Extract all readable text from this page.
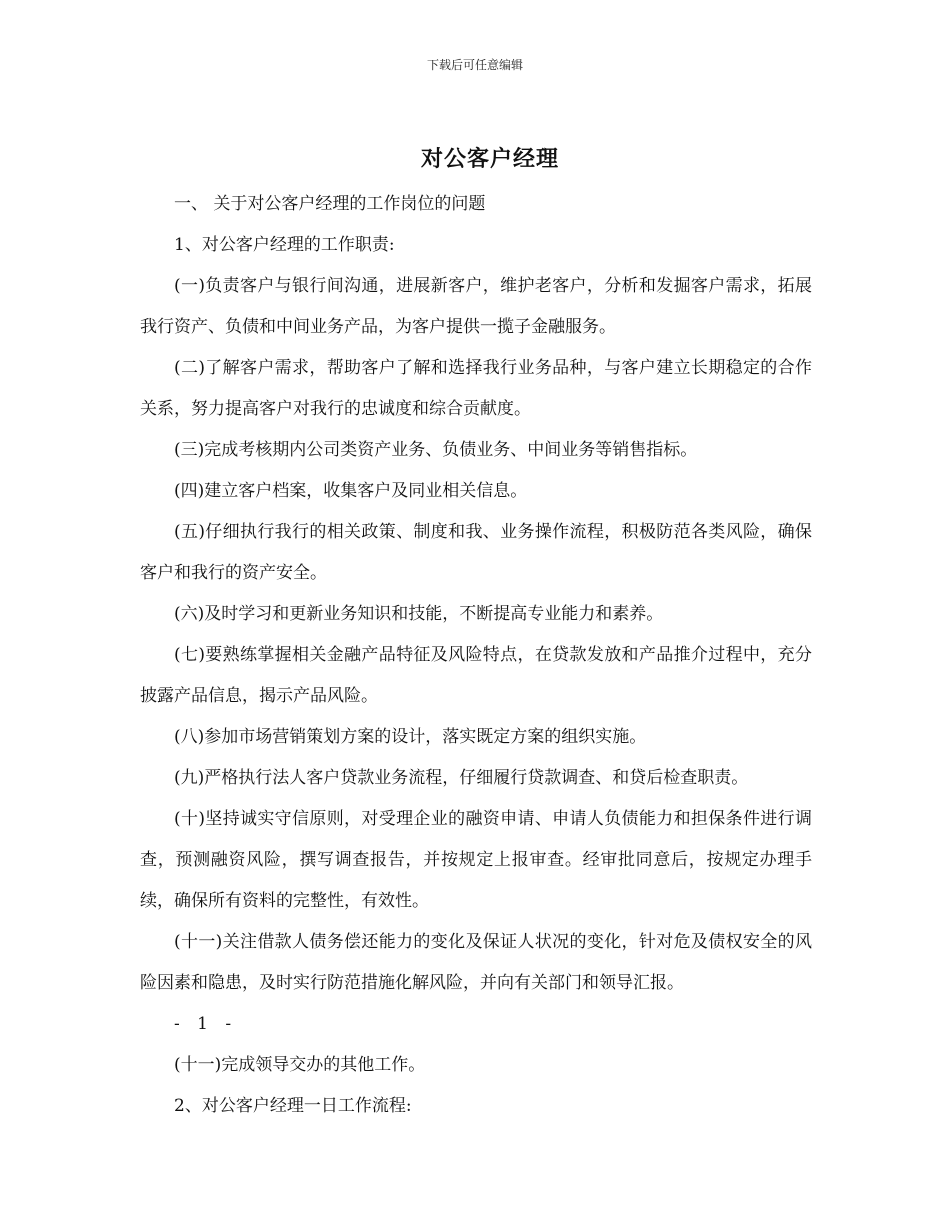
下载后可任意编辑
对公客户经理

一、 关于对公客户经理的工作岗位的问题

1、对公客户经理的工作职责:

(一)负责客户与银行间沟通，进展新客户，维护老客户，分析和发掘客户需求，拓展我行资产、负债和中间业务产品，为客户提供一揽子金融服务。

(二)了解客户需求，帮助客户了解和选择我行业务品种，与客户建立长期稳定的合作关系，努力提高客户对我行的忠诚度和综合贡献度。

(三)完成考核期内公司类资产业务、负债业务、中间业务等销售指标。

(四)建立客户档案，收集客户及同业相关信息。

(五)仔细执行我行的相关政策、制度和我、业务操作流程，积极防范各类风险，确保客户和我行的资产安全。

(六)及时学习和更新业务知识和技能，不断提高专业能力和素养。

(七)要熟练掌握相关金融产品特征及风险特点，在贷款发放和产品推介过程中，充分披露产品信息，揭示产品风险。

(八)参加市场营销策划方案的设计，落实既定方案的组织实施。

(九)严格执行法人客户贷款业务流程，仔细履行贷款调查、和贷后检查职责。

(十)坚持诚实守信原则，对受理企业的融资申请、申请人负债能力和担保条件进行调查，预测融资风险，撰写调查报告，并按规定上报审查。经审批同意后，按规定办理手续，确保所有资料的完整性，有效性。

(十一)关注借款人债务偿还能力的变化及保证人状况的变化，针对危及债权安全的风险因素和隐患，及时实行防范措施化解风险，并向有关部门和领导汇报。

- 1 -

(十一)完成领导交办的其他工作。

2、对公客户经理一日工作流程:
